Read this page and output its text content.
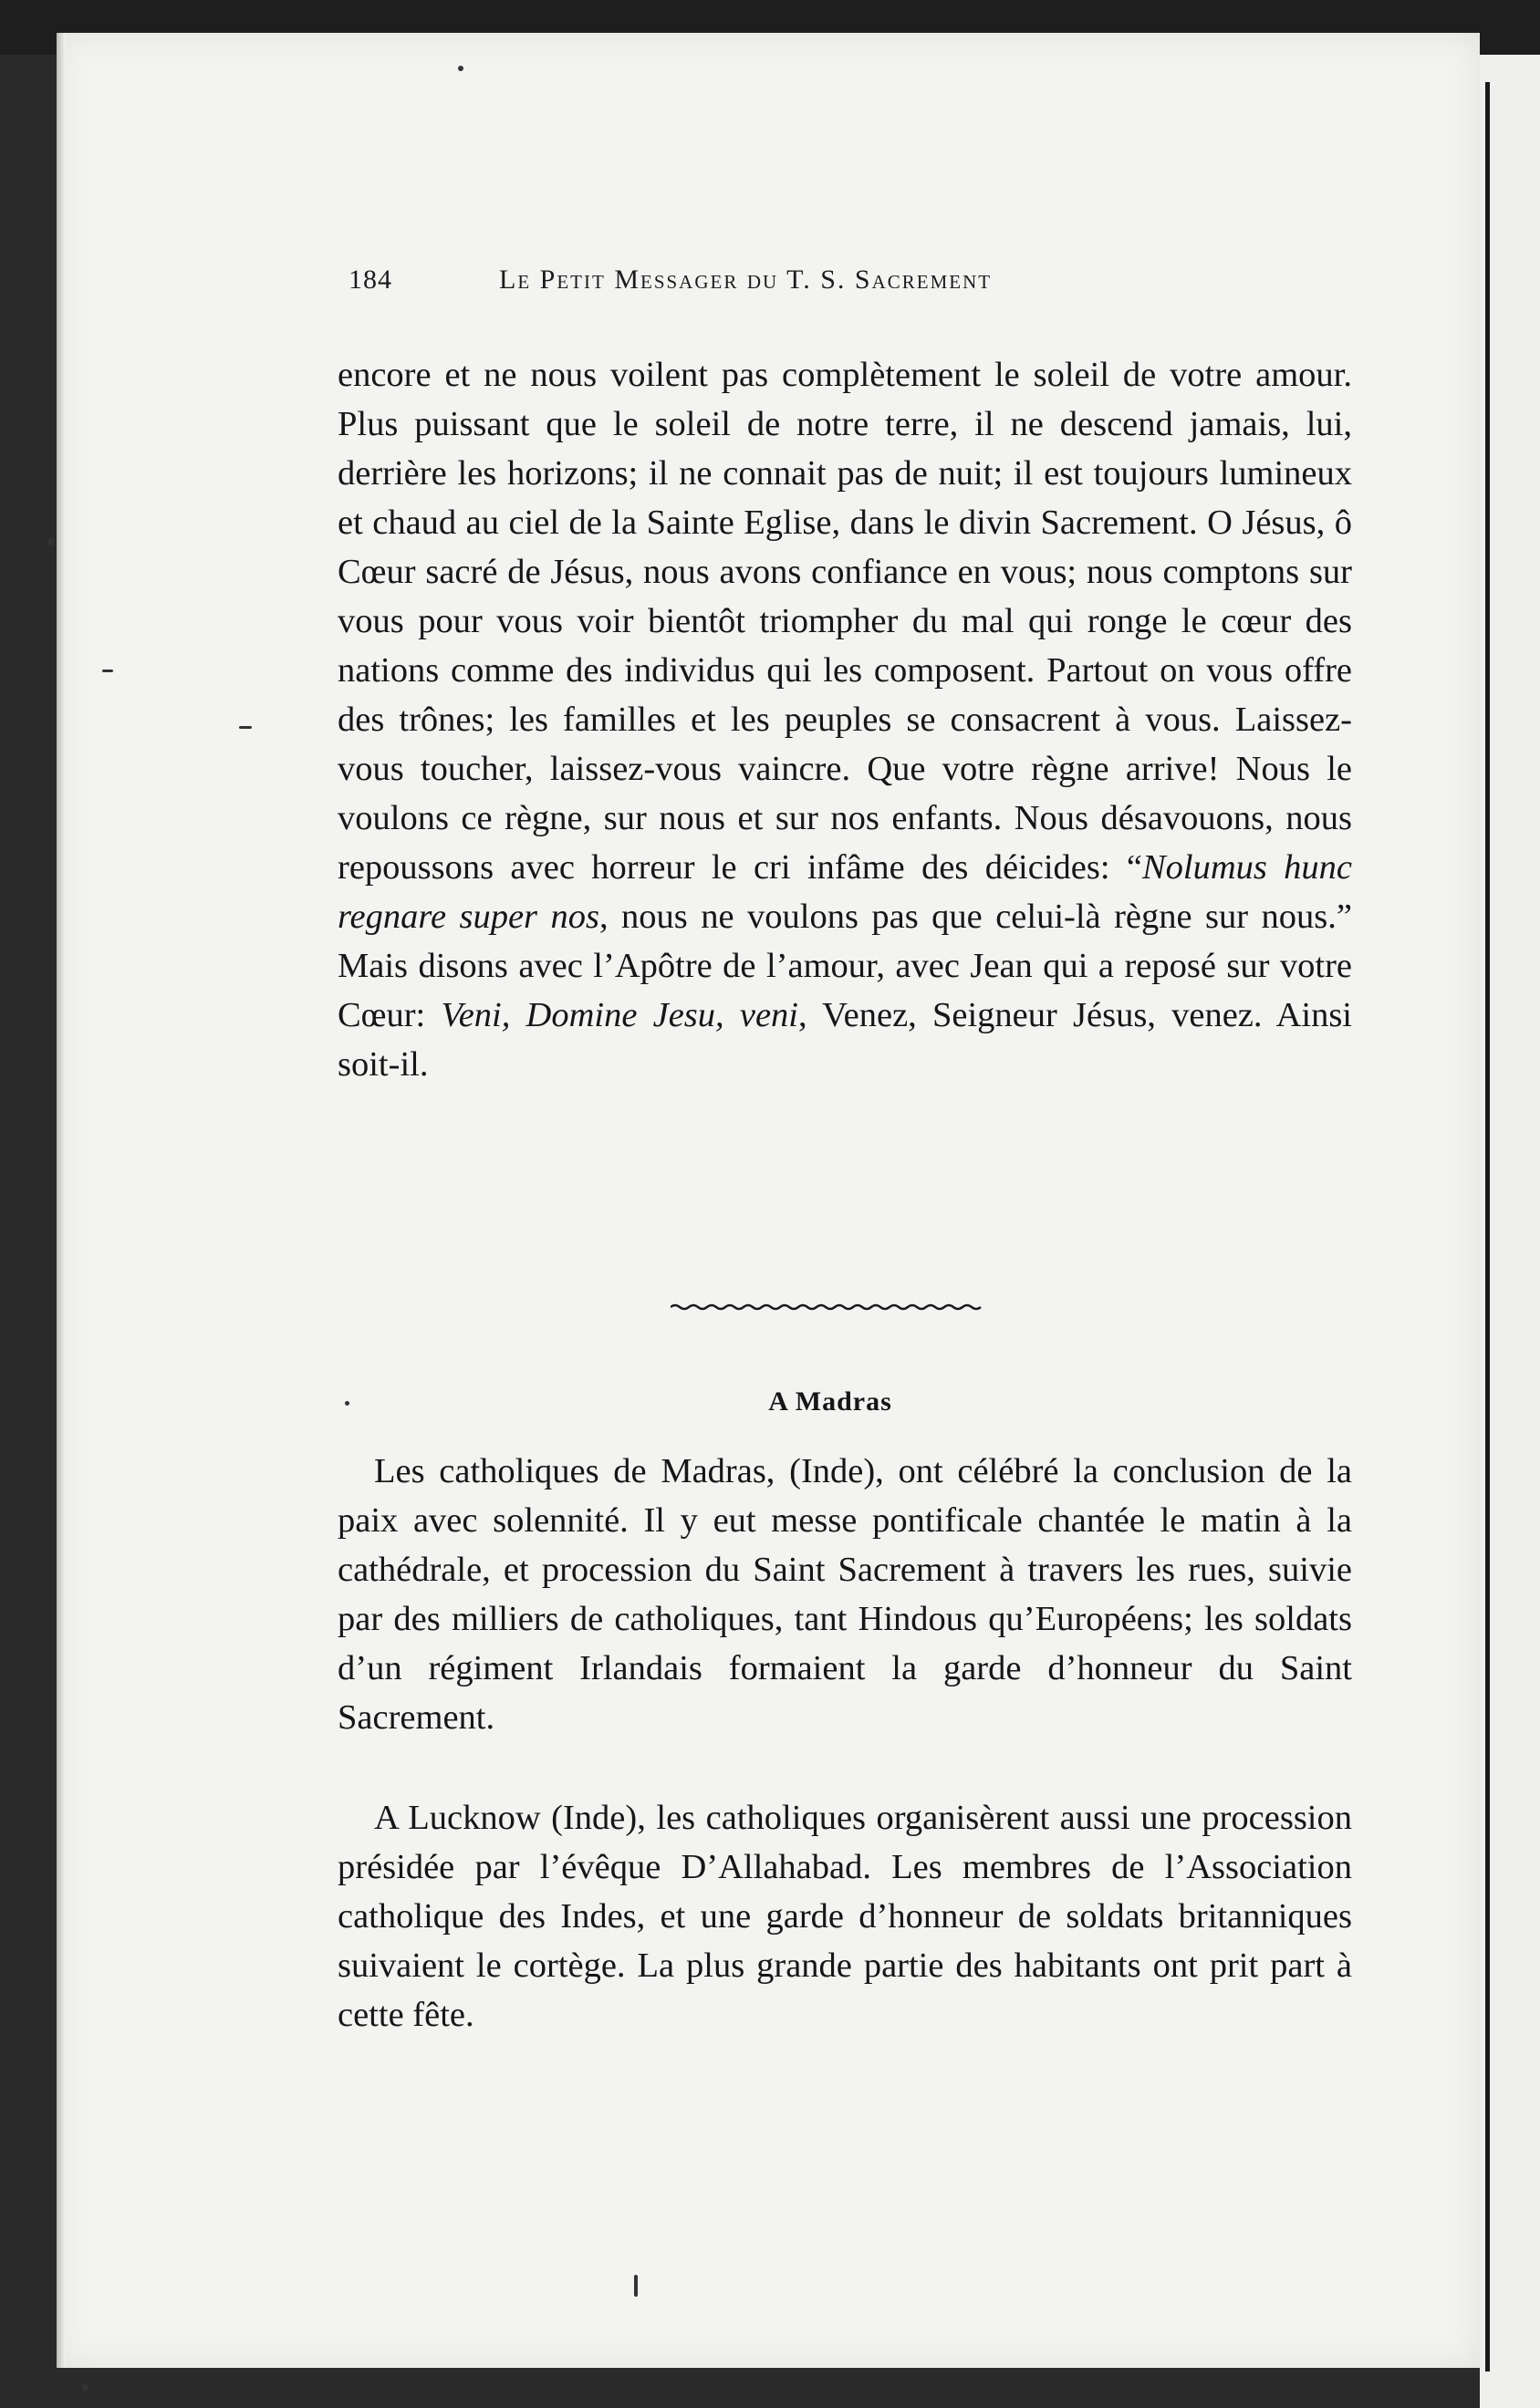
184	Le Petit Messager du T. S. Sacrement

encore et ne nous voilent pas complètement le soleil de votre amour. Plus puissant que le soleil de notre terre, il ne descend jamais, lui, derrière les horizons; il ne connait pas de nuit; il est toujours lumineux et chaud au ciel de la Sainte Eglise, dans le divin Sacrement. O Jésus, ô Cœur sacré de Jésus, nous avons confiance en vous; nous comptons sur vous pour vous voir bientôt triompher du mal qui ronge le cœur des nations comme des individus qui les composent. Partout on vous offre des trônes; les familles et les peuples se consacrent à vous. Laissez-vous toucher, laissez-vous vaincre. Que votre règne arrive! Nous le voulons ce règne, sur nous et sur nos enfants. Nous désavouons, nous repoussons avec horreur le cri infâme des déicides: “Nolumus hunc regnare super nos, nous ne voulons pas que celui-là règne sur nous.” Mais disons avec l’Apôtre de l’amour, avec Jean qui a reposé sur votre Cœur: Veni, Domine Jesu, veni, Venez, Seigneur Jésus, venez. Ainsi soit-il.

A Madras

Les catholiques de Madras, (Inde), ont célébré la conclusion de la paix avec solennité. Il y eut messe pontificale chantée le matin à la cathédrale, et procession du Saint Sacrement à travers les rues, suivie par des milliers de catholiques, tant Hindous qu’Européens; les soldats d’un régiment Irlandais formaient la garde d’honneur du Saint Sacrement.

A Lucknow (Inde), les catholiques organisèrent aussi une procession présidée par l’évêque D’Allahabad. Les membres de l’Association catholique des Indes, et une garde d’honneur de soldats britanniques suivaient le cortège. La plus grande partie des habitants ont prit part à cette fête.
